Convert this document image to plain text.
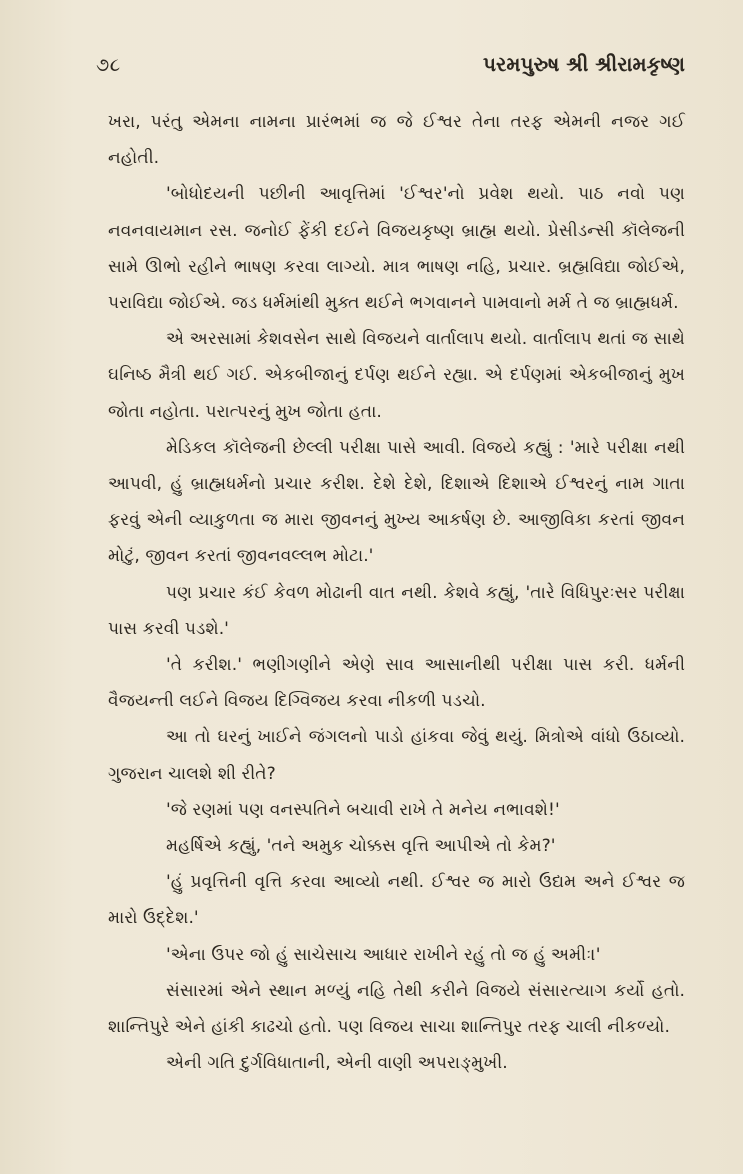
૭૮	પરમપુરુષ શ્રી શ્રીરામકૃષ્ણ

ખરા, પરંતુ એમના નામના પ્રારંભમાં જ જે ઈશ્વર તેના તરફ એમની નજર ગઈ નહોતી.

'બોધોદયની પછીની આવૃત્તિમાં 'ઈશ્વર'નો પ્રવેશ થયો. પાઠ નવો પણ નવનવાયમાન રસ. જનોઈ ફેંકી દઈને વિજયકૃષ્ણ બ્રાહ્મ થયો. પ્રેસીડન્સી કૉલેજની સામે ઊભો રહીને ભાષણ કરવા લાગ્યો. માત્ર ભાષણ નહિ, પ્રચાર. બ્રહ્મવિદ્યા જોઈએ, પરાવિદ્યા જોઈએ. જડ ધર્મમાંથી મુક્ત થઈને ભગવાનને પામવાનો મર્મ તે જ બ્રાહ્મધર્મ.

એ અરસામાં કેશવસેન સાથે વિજયને વાર્તાલાપ થયો. વાર્તાલાપ થતાં જ સાથે ઘનિષ્ઠ મૈત્રી થઈ ગઈ. એકબીજાનું દર્પણ થઈને રહ્યા. એ દર્પણમાં એકબીજાનું મુખ જોતા નહોતા. પરાત્પરનું મુખ જોતા હતા.

મેડિકલ કૉલેજની છેલ્લી પરીક્ષા પાસે આવી. વિજયે કહ્યું : 'મારે પરીક્ષા નથી આપવી, હું બ્રાહ્મધર્મનો પ્રચાર કરીશ. દેશે દેશે, દિશાએ દિશાએ ઈશ્વરનું નામ ગાતા ફરવું એની વ્યાકુળતા જ મારા જીવનનું મુખ્ય આકર્ષણ છે. આજીવિકા કરતાં જીવન મોટું, જીવન કરતાં જીવનવલ્લભ મોટા.'

પણ પ્રચાર કંઈ કેવળ મોઢાની વાત નથી. કેશવે કહ્યું, 'તારે વિધિપુરઃસર પરીક્ષા પાસ કરવી પડશે.'

'તે કરીશ.' ભણીગણીને એણે સાવ આસાનીથી પરીક્ષા પાસ કરી. ધર્મની વૈજયન્તી લઈને વિજય દિગ્વિજય કરવા નીકળી પડચો.

આ તો ઘરનું ખાઈને જંગલનો પાડો હાંકવા જેવું થયું. મિત્રોએ વાંધો ઉઠાવ્યો. ગુજરાન ચાલશે શી રીતે?

'જે રણમાં પણ વનસ્પતિને બચાવી રાખે તે મનેય નભાવશે!'

મહર્ષિએ કહ્યું, 'તને અમુક ચોક્કસ વૃત્તિ આપીએ તો કેમ?'

'હું પ્રવૃત્તિની વૃત્તિ કરવા આવ્યો નથી. ઈશ્વર જ મારો ઉદ્યમ અને ઈશ્વર જ મારો ઉદ્દેશ.'

'એના ઉપર જો હું સાચેસાચ આધાર રાખીને રહું તો જ હું અમીઃ।'

સંસારમાં એને સ્થાન મળ્યું નહિ તેથી કરીને વિજયે સંસારત્યાગ કર્યો હતો. શાન્તિપુરે એને હાંકી કાઢચો હતો. પણ વિજય સાચા શાન્તિપુર તરફ ચાલી નીકળ્યો.

એની ગતિ દુર્ગવિધાતાની, એની વાણી અપરાઙ્મુખી.
